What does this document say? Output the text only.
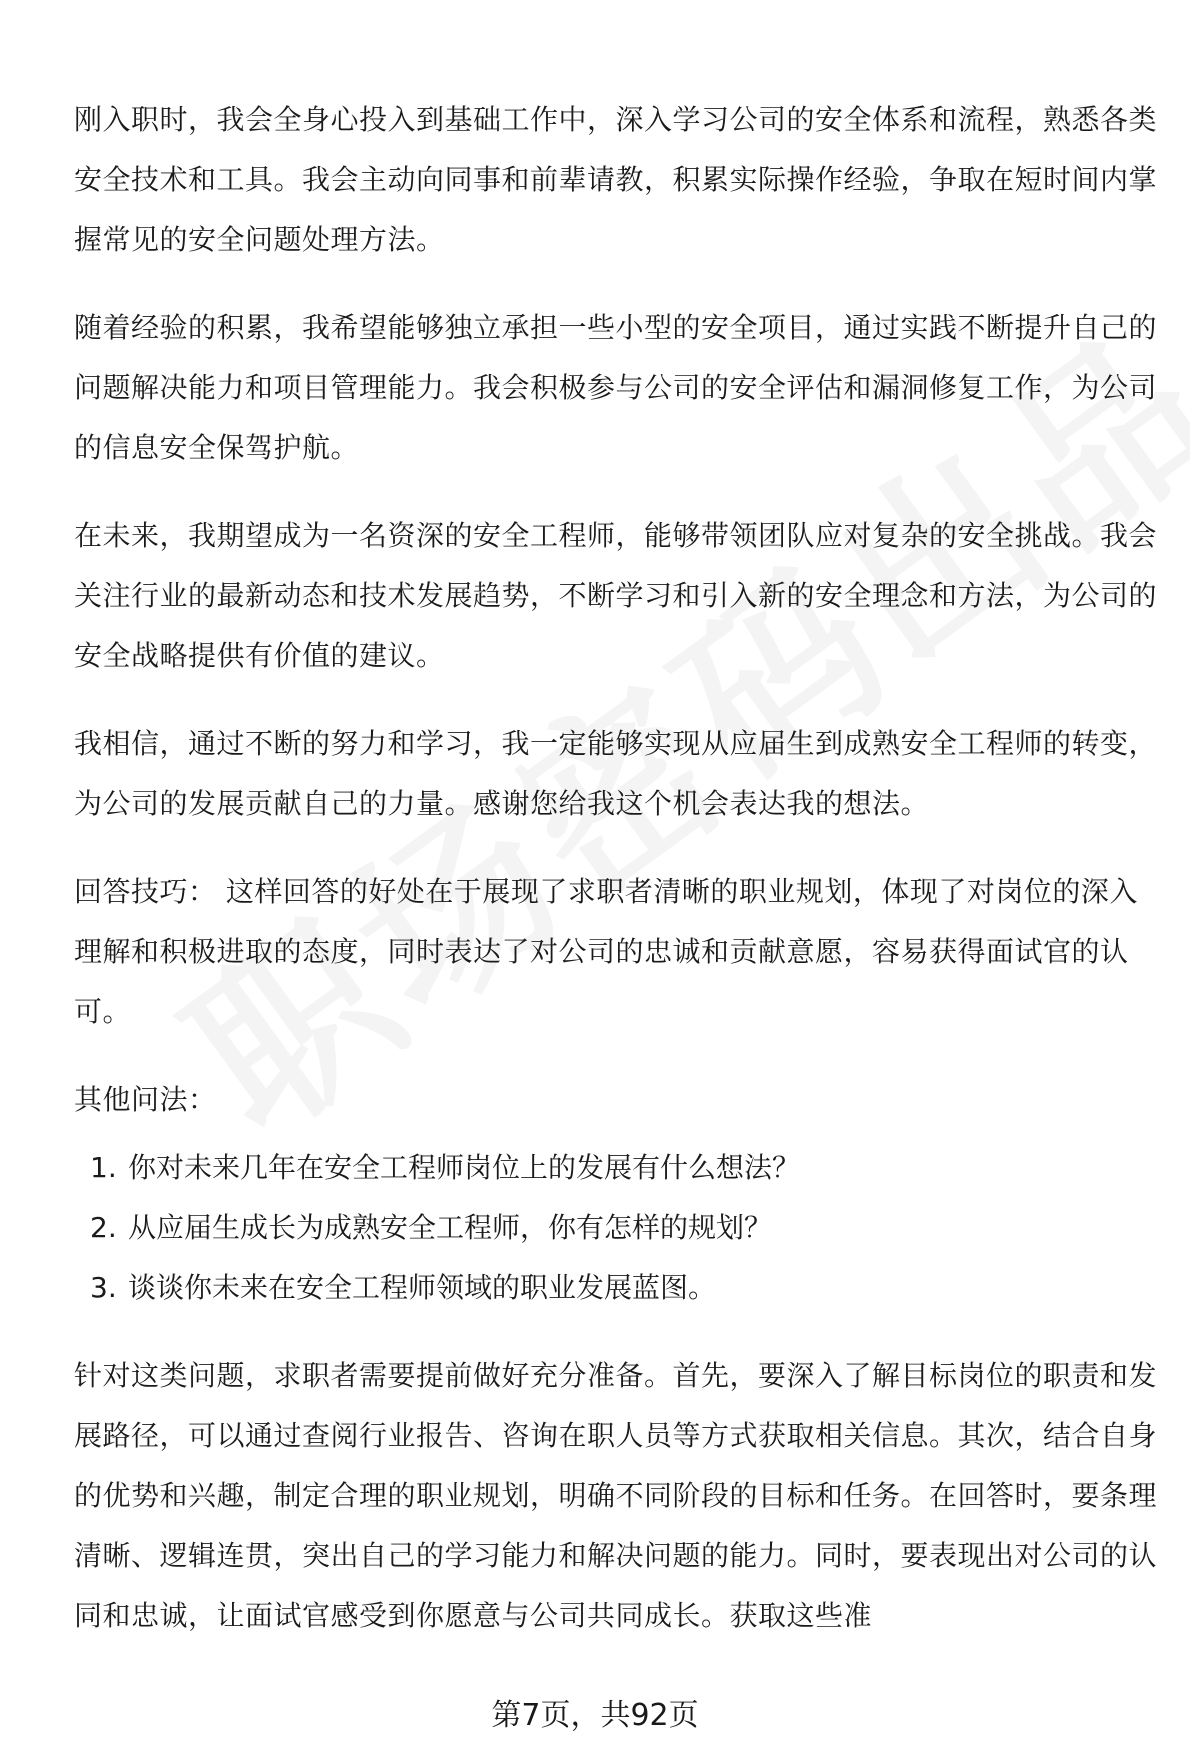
刚入职时，我会全身心投入到基础工作中，深入学习公司的安全体系和流程，熟悉各类安全技术和工具。我会主动向同事和前辈请教，积累实际操作经验，争取在短时间内掌握常见的安全问题处理方法。

随着经验的积累，我希望能够独立承担一些小型的安全项目，通过实践不断提升自己的问题解决能力和项目管理能力。我会积极参与公司的安全评估和漏洞修复工作，为公司的信息安全保驾护航。

在未来，我期望成为一名资深的安全工程师，能够带领团队应对复杂的安全挑战。我会关注行业的最新动态和技术发展趋势，不断学习和引入新的安全理念和方法，为公司的安全战略提供有价值的建议。

我相信，通过不断的努力和学习，我一定能够实现从应届生到成熟安全工程师的转变，为公司的发展贡献自己的力量。感谢您给我这个机会表达我的想法。

回答技巧： 这样回答的好处在于展现了求职者清晰的职业规划，体现了对岗位的深入理解和积极进取的态度，同时表达了对公司的忠诚和贡献意愿，容易获得面试官的认可。

其他问法：

1. 你对未来几年在安全工程师岗位上的发展有什么想法？
2. 从应届生成长为成熟安全工程师，你有怎样的规划？
3. 谈谈你未来在安全工程师领域的职业发展蓝图。

针对这类问题，求职者需要提前做好充分准备。首先，要深入了解目标岗位的职责和发展路径，可以通过查阅行业报告、咨询在职人员等方式获取相关信息。其次，结合自身的优势和兴趣，制定合理的职业规划，明确不同阶段的目标和任务。在回答时，要条理清晰、逻辑连贯，突出自己的学习能力和解决问题的能力。同时，要表现出对公司的认同和忠诚，让面试官感受到你愿意与公司共同成长。获取这些准

第7页，共92页
